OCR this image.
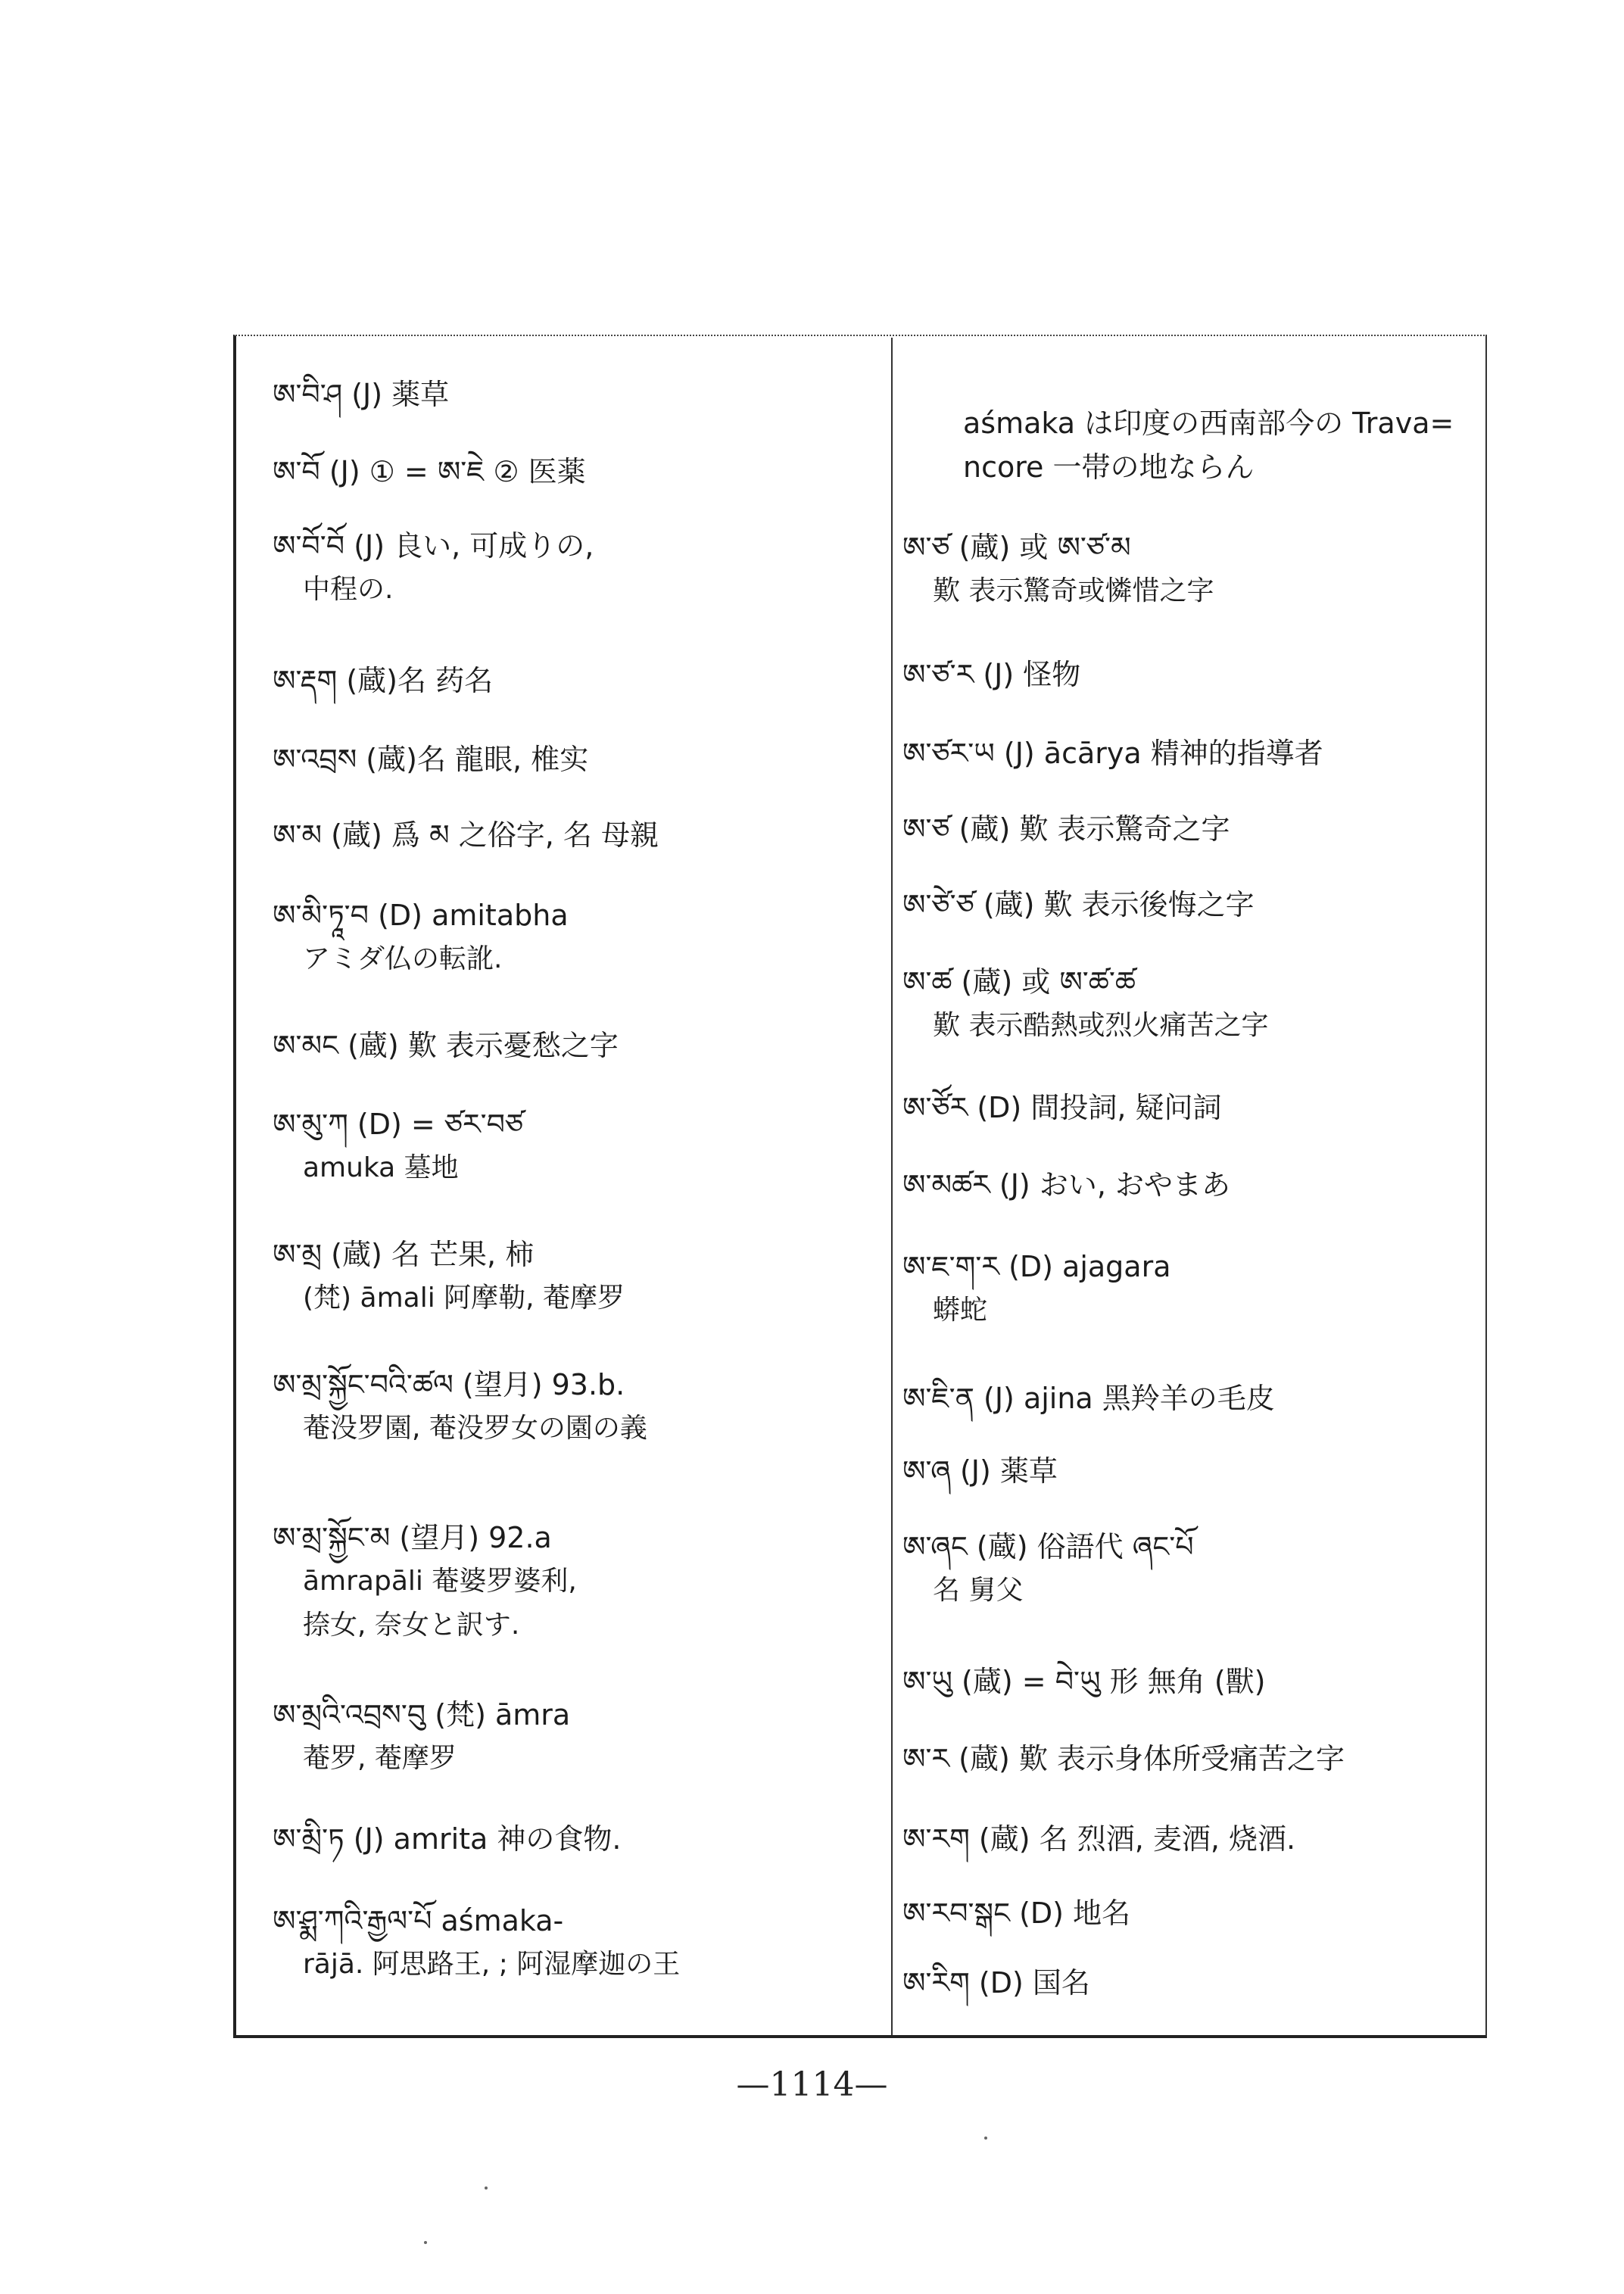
ཨ་བི་ཤ (J) 薬草
ཨ་བོ (J) ① = ཨ་ཇེ ② 医薬
ཨ་བོ་བོ (J) 良い, 可成りの,
中程の.
ཨ་རྡག (蔵)名 药名
ཨ་འབྲས (蔵)名 龍眼, 椎实
ཨ་མ (蔵) 爲 མ 之俗字, 名 母親
ཨ་མི་ཏཱ་བ (D) amitabha
アミダ仏の転訛.
ཨ་མང (蔵) 歎 表示憂愁之字
ཨ་མུ་ཀ (D) = ཙར་བཙ
amuka 墓地
ཨ་མྲ (蔵) 名 芒果, 柿
(梵) āmali 阿摩勒, 菴摩罗
ཨ་མྲ་སྐྱོང་བའི་ཚལ (望月) 93.b.
菴没罗園, 菴没罗女の園の義
ཨ་མྲ་སྐྱོང་མ (望月) 92.a
āmrapāli 菴婆罗婆利,
捺女, 奈女と訳す.
ཨ་མྲའི་འབྲས་བུ (梵) āmra
菴罗, 菴摩罗
ཨ་མྲི་ཏ (J) amrita 神の食物.
ཨ་ཤྨ་ཀའི་རྒྱལ་པོ aśmaka-
rājā. 阿思路王, ; 阿湿摩迦の王
aśmaka は印度の西南部今の Trava=
ncore 一帯の地ならん
ཨ་ཙ (蔵) 或 ཨ་ཙ་མ
歎 表示驚奇或憐惜之字
ཨ་ཙ་ར (J) 怪物
ཨ་ཙར་ཡ (J) ācārya 精神的指導者
ཨ་ཙ (蔵) 歎 表示驚奇之字
ཨ་ཙེ་ཙ (蔵) 歎 表示後悔之字
ཨ་ཚ (蔵) 或 ཨ་ཚ་ཚ
歎 表示酷熱或烈火痛苦之字
ཨ་ཙོར (D) 間投詞, 疑问詞
ཨ་མཚར (J) おい, おやまあ
ཨ་ཇ་ག་ར (D) ajagara
蟒蛇
ཨ་ཇི་ན (J) ajina 黑羚羊の毛皮
ཨ་ཞ (J) 薬草
ཨ་ཞང (蔵) 俗語代 ཞང་པོ
名 舅父
ཨ་ཡུ (蔵) = བེ་ཡུ 形 無角 (獸)
ཨ་ར (蔵) 歎 表示身体所受痛苦之字
ཨ་རག (蔵) 名 烈酒, 麦酒, 烧酒.
ཨ་རབ་སྒང (D) 地名
ཨ་རིག (D) 国名
—1114—
